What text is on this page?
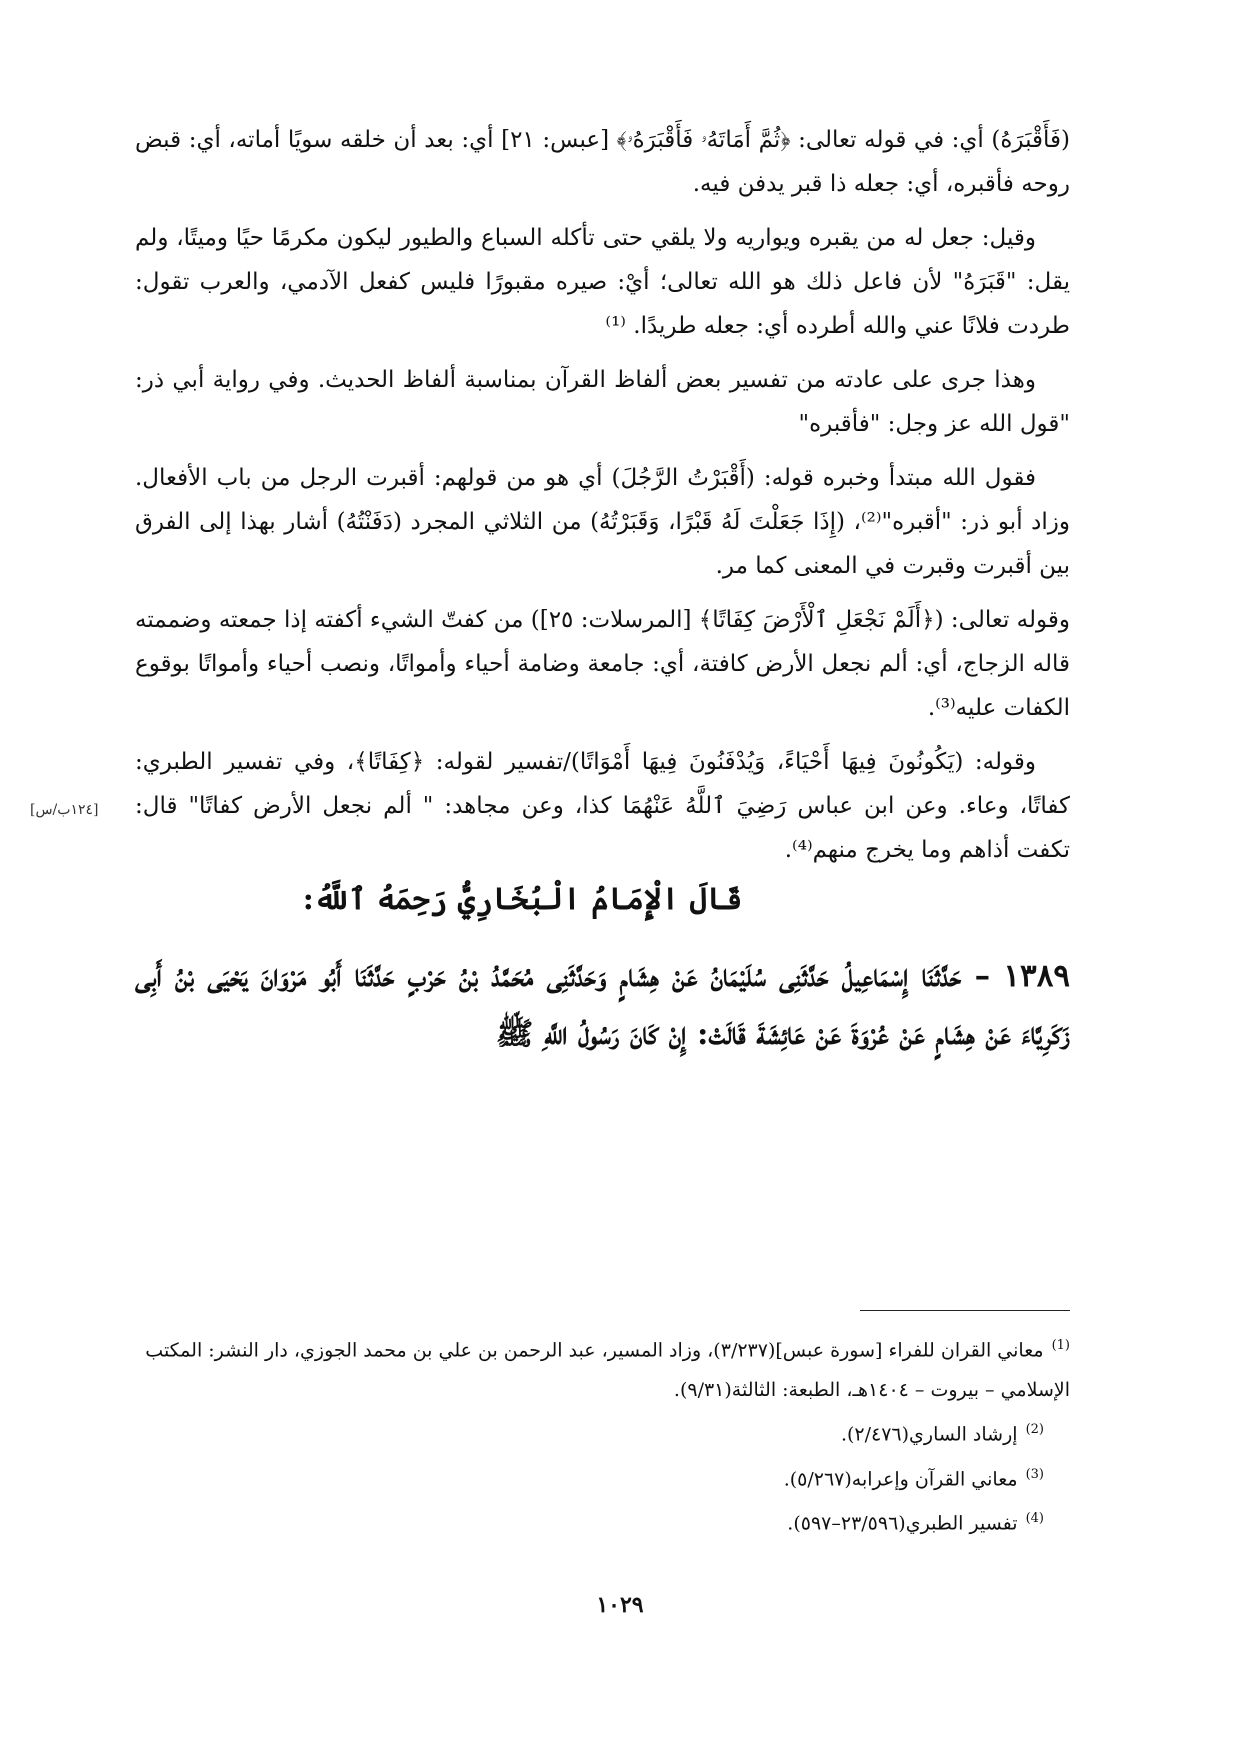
(فَأَقْبَرَهُ) أي: في قوله تعالى: ﴿ثُمَّ أَمَاتَهُۥ فَأَقْبَرَهُۥ﴾ [عبس: ٢١] أي: بعد أن خلقه سويًا أماته، أي: قبض روحه فأقبره، أي: جعله ذا قبر يدفن فيه.

وقيل: جعل له من يقبره ويواريه ولا يلقي حتى تأكله السباع والطيور ليكون مكرمًا حيًا وميتًا، ولم يقل: "قَبَرَهُ" لأن فاعل ذلك هو الله تعالى؛ أيْ: صيره مقبورًا فليس كفعل الآدمي، والعرب تقول: طردت فلانًا عني والله أطرده أي: جعله طريدًا. ⁽¹⁾

وهذا جرى على عادته من تفسير بعض ألفاظ القرآن بمناسبة ألفاظ الحديث. وفي رواية أبي ذر: "قول الله عز وجل: "فأقبره"

فقول الله مبتدأ وخبره قوله: (أَقْبَرْتُ الرَّجُلَ) أي هو من قولهم: أقبرت الرجل من باب الأفعال. وزاد أبو ذر: "أقبره"⁽²⁾، (إِذَا جَعَلْتَ لَهُ قَبْرًا، وَقَبَرْتُهُ) من الثلاثي المجرد (دَفَنْتُهُ) أشار بهذا إلى الفرق بين أقبرت وقبرت في المعنى كما مر.

وقوله تعالى: (﴿أَلَمْ نَجْعَلِ ٱلْأَرْضَ كِفَاتًا﴾ [المرسلات: ٢٥]) من كفتّ الشيء أكفته إذا جمعته وضممته قاله الزجاج، أي: ألم نجعل الأرض كافتة، أي: جامعة وضامة أحياء وأمواتًا، ونصب أحياء وأمواتًا بوقوع الكفات عليه⁽³⁾.

وقوله: (يَكُونُونَ فِيهَا أَحْيَاءً، وَيُدْفَنُونَ فِيهَا أَمْوَاتًا)/تفسير لقوله: ﴿كِفَاتًا﴾، وفي تفسير الطبري: كفاتًا، وعاء. وعن ابن عباس رَضِيَ ٱللَّهُ عَنْهُمَا كذا، وعن مجاهد: " ألم نجعل الأرض كفاتًا" قال: تكفت أذاهم وما يخرج منهم⁽⁴⁾.

قَالَ الْإِمَامُ الْبُخَارِيُّ رَحِمَهُ ٱللَّهُ:

١٣٨٩ – حَدَّثَنَا إِسْمَاعِيلُ حَدَّثَنِى سُلَيْمَانُ عَنْ هِشَامٍ وَحَدَّثَنِى مُحَمَّدُ بْنُ حَرْبٍ حَدَّثَنَا أَبُو مَرْوَانَ يَحْيَى بْنُ أَبِى زَكَرِيَّاءَ عَنْ هِشَامٍ عَنْ عُرْوَةَ عَنْ عَائِشَةَ قَالَتْ: إِنْ كَانَ رَسُولُ اللَّهِ ﷺ

[١٢٤ب/س]

$^{(1)}$معاني القران للفراء [سورة عبس](٣/٢٣٧)، وزاد المسير، عبد الرحمن بن علي بن محمد الجوزي، دار النشر: المكتب الإسلامي – بيروت – ١٤٠٤هـ، الطبعة: الثالثة(٩/٣١).

$^{(2)}$إرشاد الساري(٢/٤٧٦).

$^{(3)}$معاني القرآن وإعرابه(٥/٢٦٧).

$^{(4)}$تفسير الطبري(٢٣/٥٩٦–٥٩٧).

١٠٢٩
